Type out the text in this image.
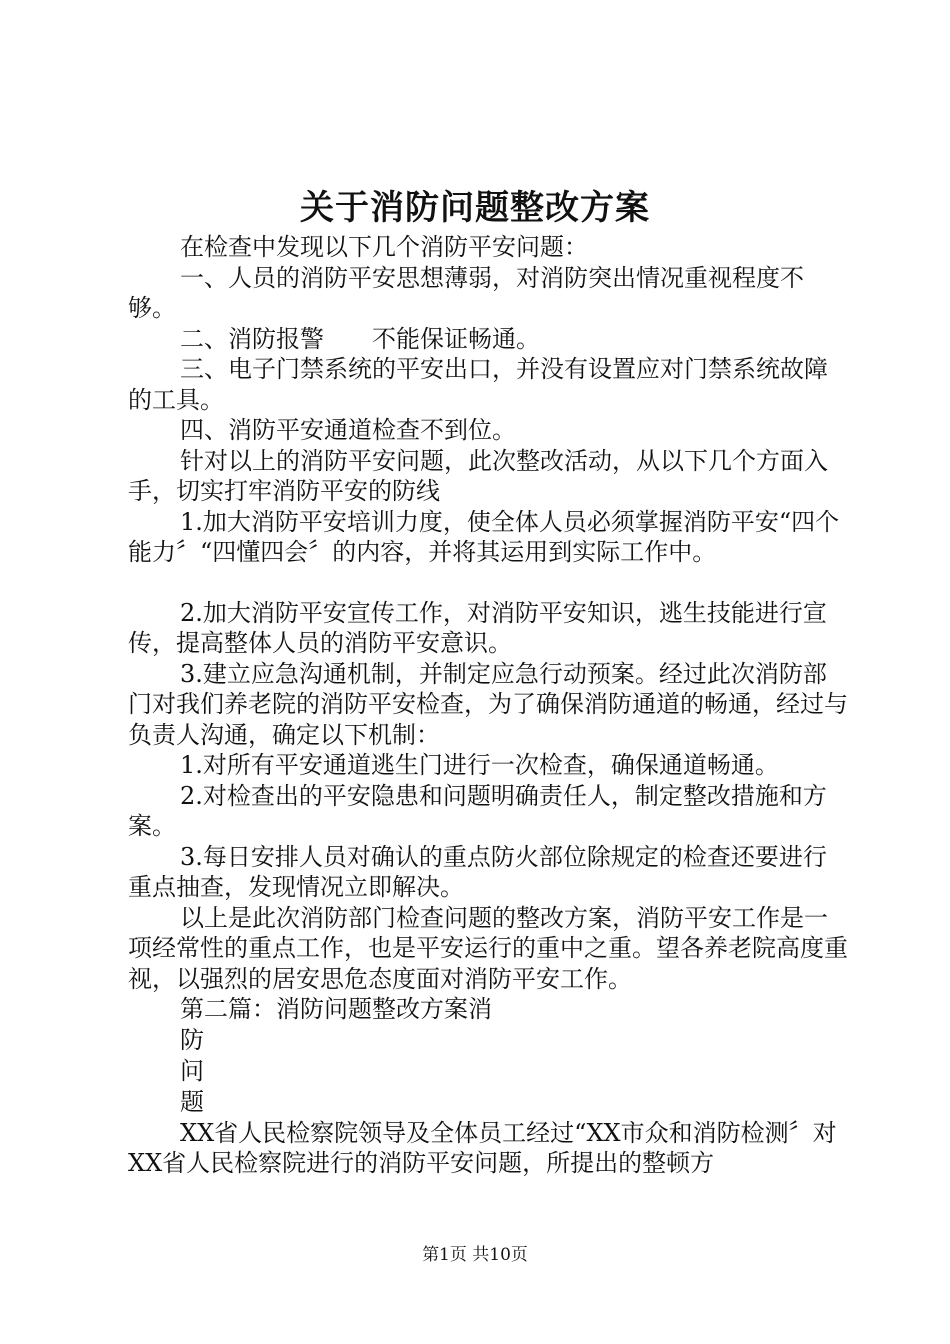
关于消防问题整改方案

在检查中发现以下几个消防平安问题：

一、人员的消防平安思想薄弱，对消防突出情况重视程度不够。

二、消防报警　　不能保证畅通。

三、电子门禁系统的平安出口，并没有设置应对门禁系统故障的工具。

四、消防平安通道检查不到位。

针对以上的消防平安问题，此次整改活动，从以下几个方面入手，切实打牢消防平安的防线

1.加大消防平安培训力度，使全体人员必须掌握消防平安“四个能力〞“四懂四会〞的内容，并将其运用到实际工作中。

2.加大消防平安宣传工作，对消防平安知识，逃生技能进行宣传，提高整体人员的消防平安意识。

3.建立应急沟通机制，并制定应急行动预案。经过此次消防部门对我们养老院的消防平安检查，为了确保消防通道的畅通，经过与负责人沟通，确定以下机制：

1.对所有平安通道逃生门进行一次检查，确保通道畅通。

2.对检查出的平安隐患和问题明确责任人，制定整改措施和方案。

3.每日安排人员对确认的重点防火部位除规定的检查还要进行重点抽查，发现情况立即解决。

以上是此次消防部门检查问题的整改方案，消防平安工作是一项经常性的重点工作，也是平安运行的重中之重。望各养老院高度重视，以强烈的居安思危态度面对消防平安工作。

第二篇：消防问题整改方案消

防

问

题

XX省人民检察院领导及全体员工经过“XX市众和消防检测〞对XX省人民检察院进行的消防平安问题，所提出的整顿方

第1页 共10页
